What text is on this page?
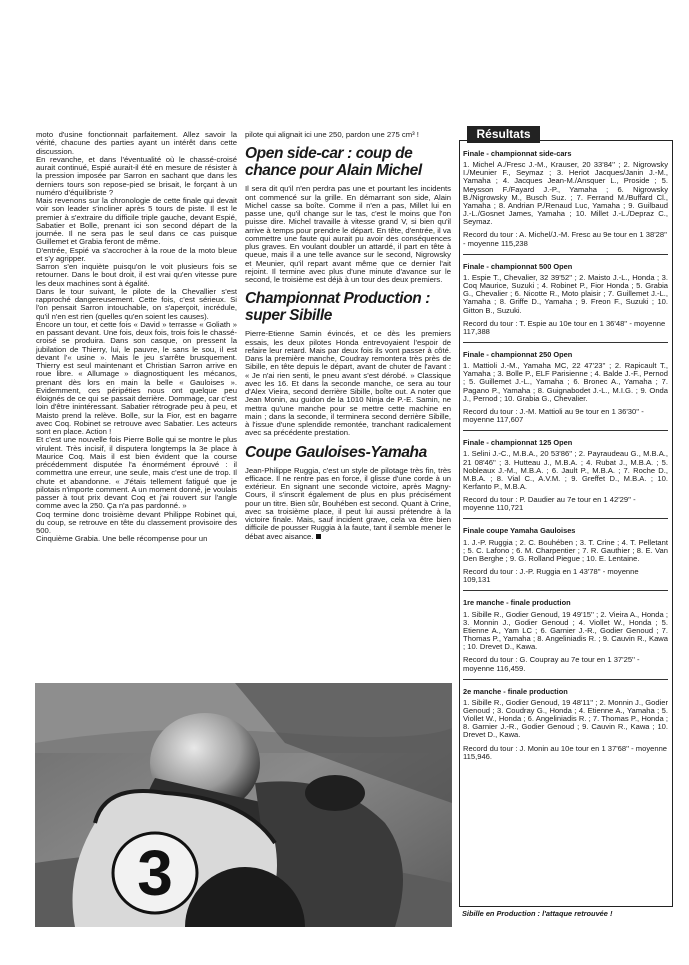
moto d'usine fonctionnait parfaitement. Allez savoir la vérité, chacune des parties ayant un intérêt dans cette discussion.

En revanche, et dans l'éventualité où le chassé-croisé aurait continué, Espié aurait-il été en mesure de résister à la pression imposée par Sarron en sachant que dans les derniers tours son repose-pied se brisait, le forçant à un numéro d'équilibriste ?

Mais revenons sur la chronologie de cette finale qui devait voir son leader s'incliner après 5 tours de piste. Il est le premier à s'extraire du difficile triple gauche, devant Espié, Sabatier et Bolle, prenant ici son second départ de la journée. Il ne sera pas le seul dans ce cas puisque Guillemet et Grabia feront de même.

D'entrée, Espié va s'accrocher à la roue de la moto bleue et s'y agripper.

Sarron s'en inquiète puisqu'on le voit plusieurs fois se retourner. Dans le bout droit, il est vrai qu'en vitesse pure les deux machines sont à égalité.

Dans le tour suivant, le pilote de la Chevallier s'est rapproché dangereusement. Cette fois, c'est sérieux. Si l'on pensait Sarron intouchable, on s'aperçoit, incrédule, qu'il n'en est rien (quelles qu'en soient les causes).

Encore un tour, et cette fois « David » terrasse « Goliath » en passant devant. Une fois, deux fois, trois fois le chassé-croisé se produira. Dans son casque, on pressent la jubilation de Thierry, lui, le pauvre, le sans le sou, il est devant l'« usine ». Mais le jeu s'arrête brusquement. Thierry est seul maintenant et Christian Sarron arrive en roue libre. « Allumage » diagnostiquent les mécanos, prenant dès lors en main la belle « Gauloises ». Evidemment, ces péripéties nous ont quelque peu éloignés de ce qui se passait derrière. Dommage, car c'est loin d'être inintéressant. Sabatier rétrograde peu à peu, et Maisto prend la relève. Bolle, sur la Fior, est en bagarre avec Coq. Robinet se retrouve avec Sabatier. Les acteurs sont en place. Action !

Et c'est une nouvelle fois Pierre Bolle qui se montre le plus virulent. Très incisif, il disputera longtemps la 3e place à Maurice Coq. Mais il est bien évident que la course précédemment disputée l'a énormément éprouvé : il commettra une erreur, une seule, mais c'est une de trop. Il chute et abandonne. « J'étais tellement fatigué que je pilotais n'importe comment. A un moment donné, je voulais passer à tout prix devant Coq et j'ai rouvert sur l'angle comme avec la 250. Ça n'a pas pardonné. »

Coq termine donc troisième devant Philippe Robinet qui, du coup, se retrouve en tête du classement provisoire des 500.

Cinquième Grabia. Une belle récompense pour un

pilote qui alignait ici une 250, pardon une 275 cm³ !

Open side-car : coup de chance pour Alain Michel

Il sera dit qu'il n'en perdra pas une et pourtant les incidents ont commencé sur la grille. En démarrant son side, Alain Michel casse sa boîte. Comme il n'en a pas, Millet lui en passe une, qu'il change sur le tas, c'est le moins que l'on puisse dire. Michel travaille à vitesse grand V, si bien qu'il arrive à temps pour prendre le départ. En tête, d'entrée, il va commettre une faute qui aurait pu avoir des conséquences plus graves. En voulant doubler un attardé, il part en tête à queue, mais il a une telle avance sur le second, Nigrowsky et Meunier, qu'il repart avant même que ce dernier l'ait rejoint. Il termine avec plus d'une minute d'avance sur le second, le troisième est déjà à un tour des deux premiers.

Championnat Production : super Sibille

Pierre-Etienne Samin évincés, et ce dès les premiers essais, les deux pilotes Honda entrevoyaient l'espoir de refaire leur retard. Mais par deux fois ils vont passer à côté. Dans la première manche, Coudray remontera très près de Sibille, en tête depuis le départ, avant de chuter de l'avant : « Je n'ai rien senti, le pneu avant s'est dérobé. » Classique avec les 16. Et dans la seconde manche, ce sera au tour d'Alex Vieira, second derrière Sibille, boîte out. A noter que Jean Monin, au guidon de la 1010 Ninja de P.-E. Samin, ne mettra qu'une manche pour se mettre cette machine en main ; dans la seconde, il terminera second derrière Sibille, à l'issue d'une splendide remontée, tranchant radicalement avec sa précédente prestation.

Coupe Gauloises-Yamaha

Jean-Philippe Ruggia, c'est un style de pilotage très fin, très efficace. Il ne rentre pas en force, il glisse d'une corde à un extérieur. En signant une seconde victoire, après Magny-Cours, il s'inscrit également de plus en plus précisément pour un titre. Bien sûr, Bouhében est second. Quant à Crine, avec sa troisième place, il peut lui aussi prétendre à la victoire finale. Mais, sauf incident grave, cela va être bien difficile de pousser Ruggia à la faute, tant il semble mener le débat avec aisance.

3
Résultats
Finale - championnat side-cars

1. Michel A./Fresc J.-M., Krauser, 20 33'84'' ; 2. Nigrowsky I./Meunier F., Seymaz ; 3. Heriot Jacques/Janin J.-M., Yamaha ; 4. Jacques Jean-M./Ansquer L., Proside ; 5. Meysson F./Fayard J.-P., Yamaha ; 6. Nigrowsky B./Nigrowsky M., Busch Suz. ; 7. Ferrand M./Buffard Cl., Yamaha ; 8. Andrian P./Renaud Luc, Yamaha ; 9. Guilbaud J.-L./Gosnet James, Yamaha ; 10. Millet J.-L./Depraz C., Seymaz.

Record du tour : A. Michel/J.-M. Fresc au 9e tour en 1 38'28'' - moyenne 115,238

Finale - championnat 500 Open

1. Espie T., Chevalier, 32 39'52'' ; 2. Maisto J.-L., Honda ; 3. Coq Maurice, Suzuki ; 4. Robinet P., Fior Honda ; 5. Grabia G., Chevalier ; 6. Nicotte R., Moto plaisir ; 7. Guillemet J.-L., Yamaha ; 8. Griffe D., Yamaha ; 9. Freon F., Suzuki ; 10. Gitton B., Suzuki.

Record du tour : T. Espie au 10e tour en 1 36'48'' - moyenne 117,388

Finale - championnat 250 Open

1. Mattioli J.-M., Yamaha MC, 22 47'23'' ; 2. Rapicault T., Yamaha ; 3. Bolle P., ELF Parisienne ; 4. Balde J.-F., Pernod ; 5. Guillemet J.-L., Yamaha ; 6. Bronec A., Yamaha ; 7. Pagano P., Yamaha ; 8. Guignabodet J.-L., M.I.G. ; 9. Onda J., Pernod ; 10. Grabia G., Chevalier.

Record du tour : J.-M. Mattioli au 9e tour en 1 36'30'' - moyenne 117,607

Finale - championnat 125 Open

1. Selini J.-C., M.B.A., 20 53'86'' ; 2. Payraudeau G., M.B.A., 21 08'46'' ; 3. Hutteau J., M.B.A. ; 4. Rubat J., M.B.A. ; 5. Nobleaux J.-M., M.B.A. ; 6. Jault P., M.B.A. ; 7. Roche D., M.B.A. ; 8. Vial C., A.V.M. ; 9. Greffet D., M.B.A. ; 10. Kerfanto P., M.B.A.

Record du tour : P. Daudier au 7e tour en 1 42'29'' - moyenne 110,721

Finale coupe Yamaha Gauloises

1. J.-P. Ruggia ; 2. C. Bouhében ; 3. T. Crine ; 4. T. Pelletant ; 5. C. Lafono ; 6. M. Charpentier ; 7. R. Gauthier ; 8. E. Van Den Berghe ; 9. G. Rolland Piegue ; 10. E. Lentaine.

Record du tour : J.-P. Ruggia en 1 43'78'' - moyenne 109,131

1re manche - finale production

1. Sibille R., Godier Genoud, 19 49'15'' ; 2. Vieira A., Honda ; 3. Monnin J., Godier Genoud ; 4. Viollet W., Honda ; 5. Etienne A., Yam LC ; 6. Garnier J.-R., Godier Genoud ; 7. Thomas P., Yamaha ; 8. Angeliniadis R. ; 9. Cauvin R., Kawa ; 10. Drevet D., Kawa.

Record du tour : G. Coupray au 7e tour en 1 37'25'' - moyenne 116,459.

2e manche - finale production

1. Sibille R., Godier Genoud, 19 48'11'' ; 2. Monnin J., Godier Genoud ; 3. Coudray G., Honda ; 4. Etienne A., Yamaha ; 5. Viollet W., Honda ; 6. Angeliniadis R. ; 7. Thomas P., Honda ; 8. Garnier J.-R., Godier Genoud ; 9. Cauvin R., Kawa ; 10. Drevet D., Kawa.

Record du tour : J. Monin au 10e tour en 1 37'68'' - moyenne 115,946.

Sibille en Production : l'attaque retrouvée !
